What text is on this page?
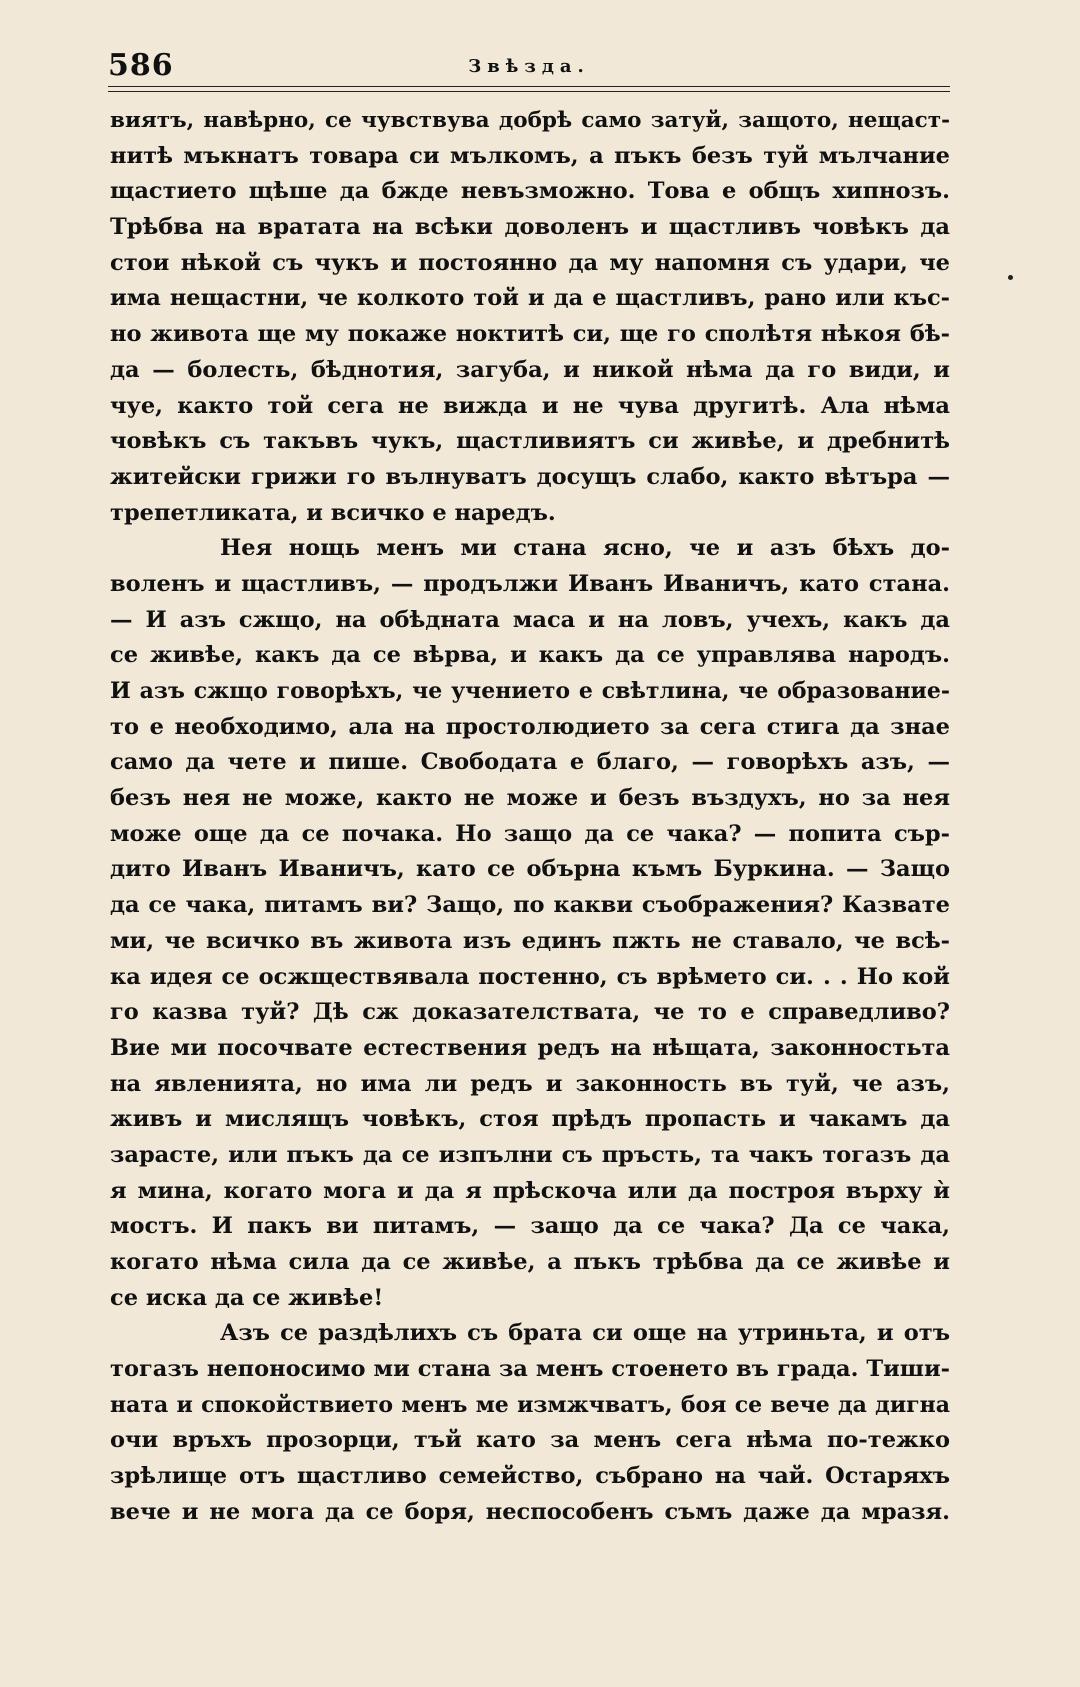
586	Звѣзда.
виятъ, навѣрно, се чувствува добрѣ само затуй, защото, нещаст-
нитѣ мъкнатъ товара си мълкомъ, а пъкъ безъ туй мълчание
щастието щѣше да бжде невъзможно. Това е общъ хипнозъ.
Трѣбва на вратата на всѣки доволенъ и щастливъ човѣкъ да
стои нѣкой съ чукъ и постоянно да му напомня съ удари, че
има нещастни, че колкото той и да е щастливъ, рано или къс-
но живота ще му покаже ноктитѣ си, ще го сполѣтя нѣкоя бѣ-
да — болесть, бѣднотия, загуба, и никой нѣма да го види, и
чуе, както той сега не вижда и не чува другитѣ. Ала нѣма
човѣкъ съ такъвъ чукъ, щастливиятъ си живѣе, и дребнитѣ
житейски грижи го вълнуватъ досущъ слабо, както вѣтъра —
трепетликата, и всичко е наредъ.
Нея нощь менъ ми стана ясно, че и азъ бѣхъ до-
воленъ и щастливъ, — продължи Иванъ Иваничъ, като стана.
— И азъ сжщо, на обѣдната маса и на ловъ, учехъ, какъ да
се живѣе, какъ да се вѣрва, и какъ да се управлява народъ.
И азъ сжщо говорѣхъ, че учението е свѣтлина, че образование-
то е необходимо, ала на простолюдието за сега стига да знае
само да чете и пише. Свободата е благо, — говорѣхъ азъ, —
безъ нея не може, както не може и безъ въздухъ, но за нея
може още да се почака. Но защо да се чака? — попита сър-
дито Иванъ Иваничъ, като се обърна къмъ Буркина. — Защо
да се чака, питамъ ви? Защо, по какви съображения? Казвате
ми, че всичко въ живота изъ единъ пжть не ставало, че всѣ-
ка идея се осжществявала постенно, съ врѣмето си. . . Но кой
го казва туй? Дѣ сж доказателствата, че то е справедливо?
Вие ми посочвате естествения редъ на нѣщата, законностьта
на явленията, но има ли редъ и законность въ туй, че азъ,
живъ и мислящъ човѣкъ, стоя прѣдъ пропасть и чакамъ да
зарасте, или пъкъ да се изпълни съ пръсть, та чакъ тогазъ да
я мина, когато мога и да я прѣскоча или да построя върху ѝ
мостъ. И пакъ ви питамъ, — защо да се чака? Да се чака,
когато нѣма сила да се живѣе, а пъкъ трѣбва да се живѣе и
се иска да се живѣе!
Азъ се раздѣлихъ съ брата си още на утриньта, и отъ
тогазъ непоносимо ми стана за менъ стоенето въ града. Тиши-
ната и спокойствието менъ ме измжчватъ, боя се вече да дигна
очи връхъ прозорци, тъй като за менъ сега нѣма по-тежко
зрѣлище отъ щастливо семейство, събрано на чай. Остаряхъ
вече и не мога да се боря, неспособенъ съмъ даже да мразя.
